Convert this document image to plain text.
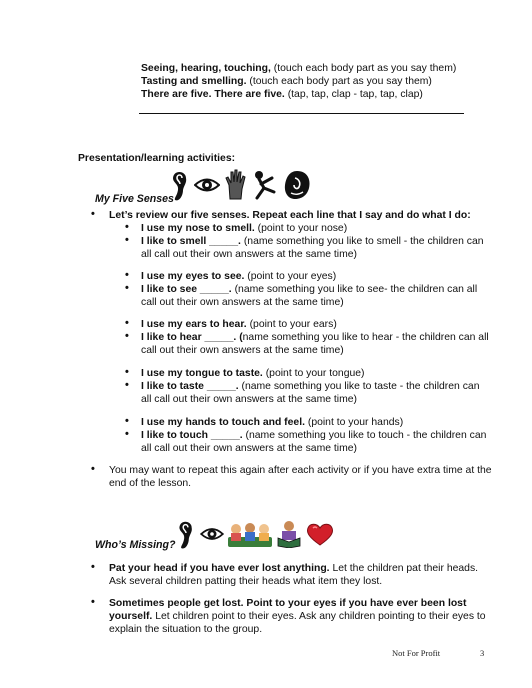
Seeing, hearing, touching, (touch each body part as you say them)
Tasting and smelling. (touch each body part as you say them)
There are five. There are five. (tap, tap, clap - tap, tap, clap)
Presentation/learning activities:
My Five Senses
• Let’s review our five senses. Repeat each line that I say and do what I do:
• I use my nose to smell. (point to your nose)
• I like to smell _____. (name something you like to smell - the children can all call out their own answers at the same time)
• I use my eyes to see. (point to your eyes)
• I like to see _____. (name something you like to see- the children can all call out their own answers at the same time)
• I use my ears to hear. (point to your ears)
• I like to hear _____. (name something you like to hear - the children can all call out their own answers at the same time)
• I use my tongue to taste. (point to your tongue)
• I like to taste _____. (name something you like to taste - the children can all call out their own answers at the same time)
• I use my hands to touch and feel. (point to your hands)
• I like to touch _____. (name something you like to touch - the children can all call out their own answers at the same time)
• You may want to repeat this again after each activity or if you have extra time at the end of the lesson.
Who’s Missing?
• Pat your head if you have ever lost anything. Let the children pat their heads. Ask several children patting their heads what item they lost.
• Sometimes people get lost. Point to your eyes if you have ever been lost yourself. Let children point to their eyes. Ask any children pointing to their eyes to explain the situation to the group.
Not For Profit	3
